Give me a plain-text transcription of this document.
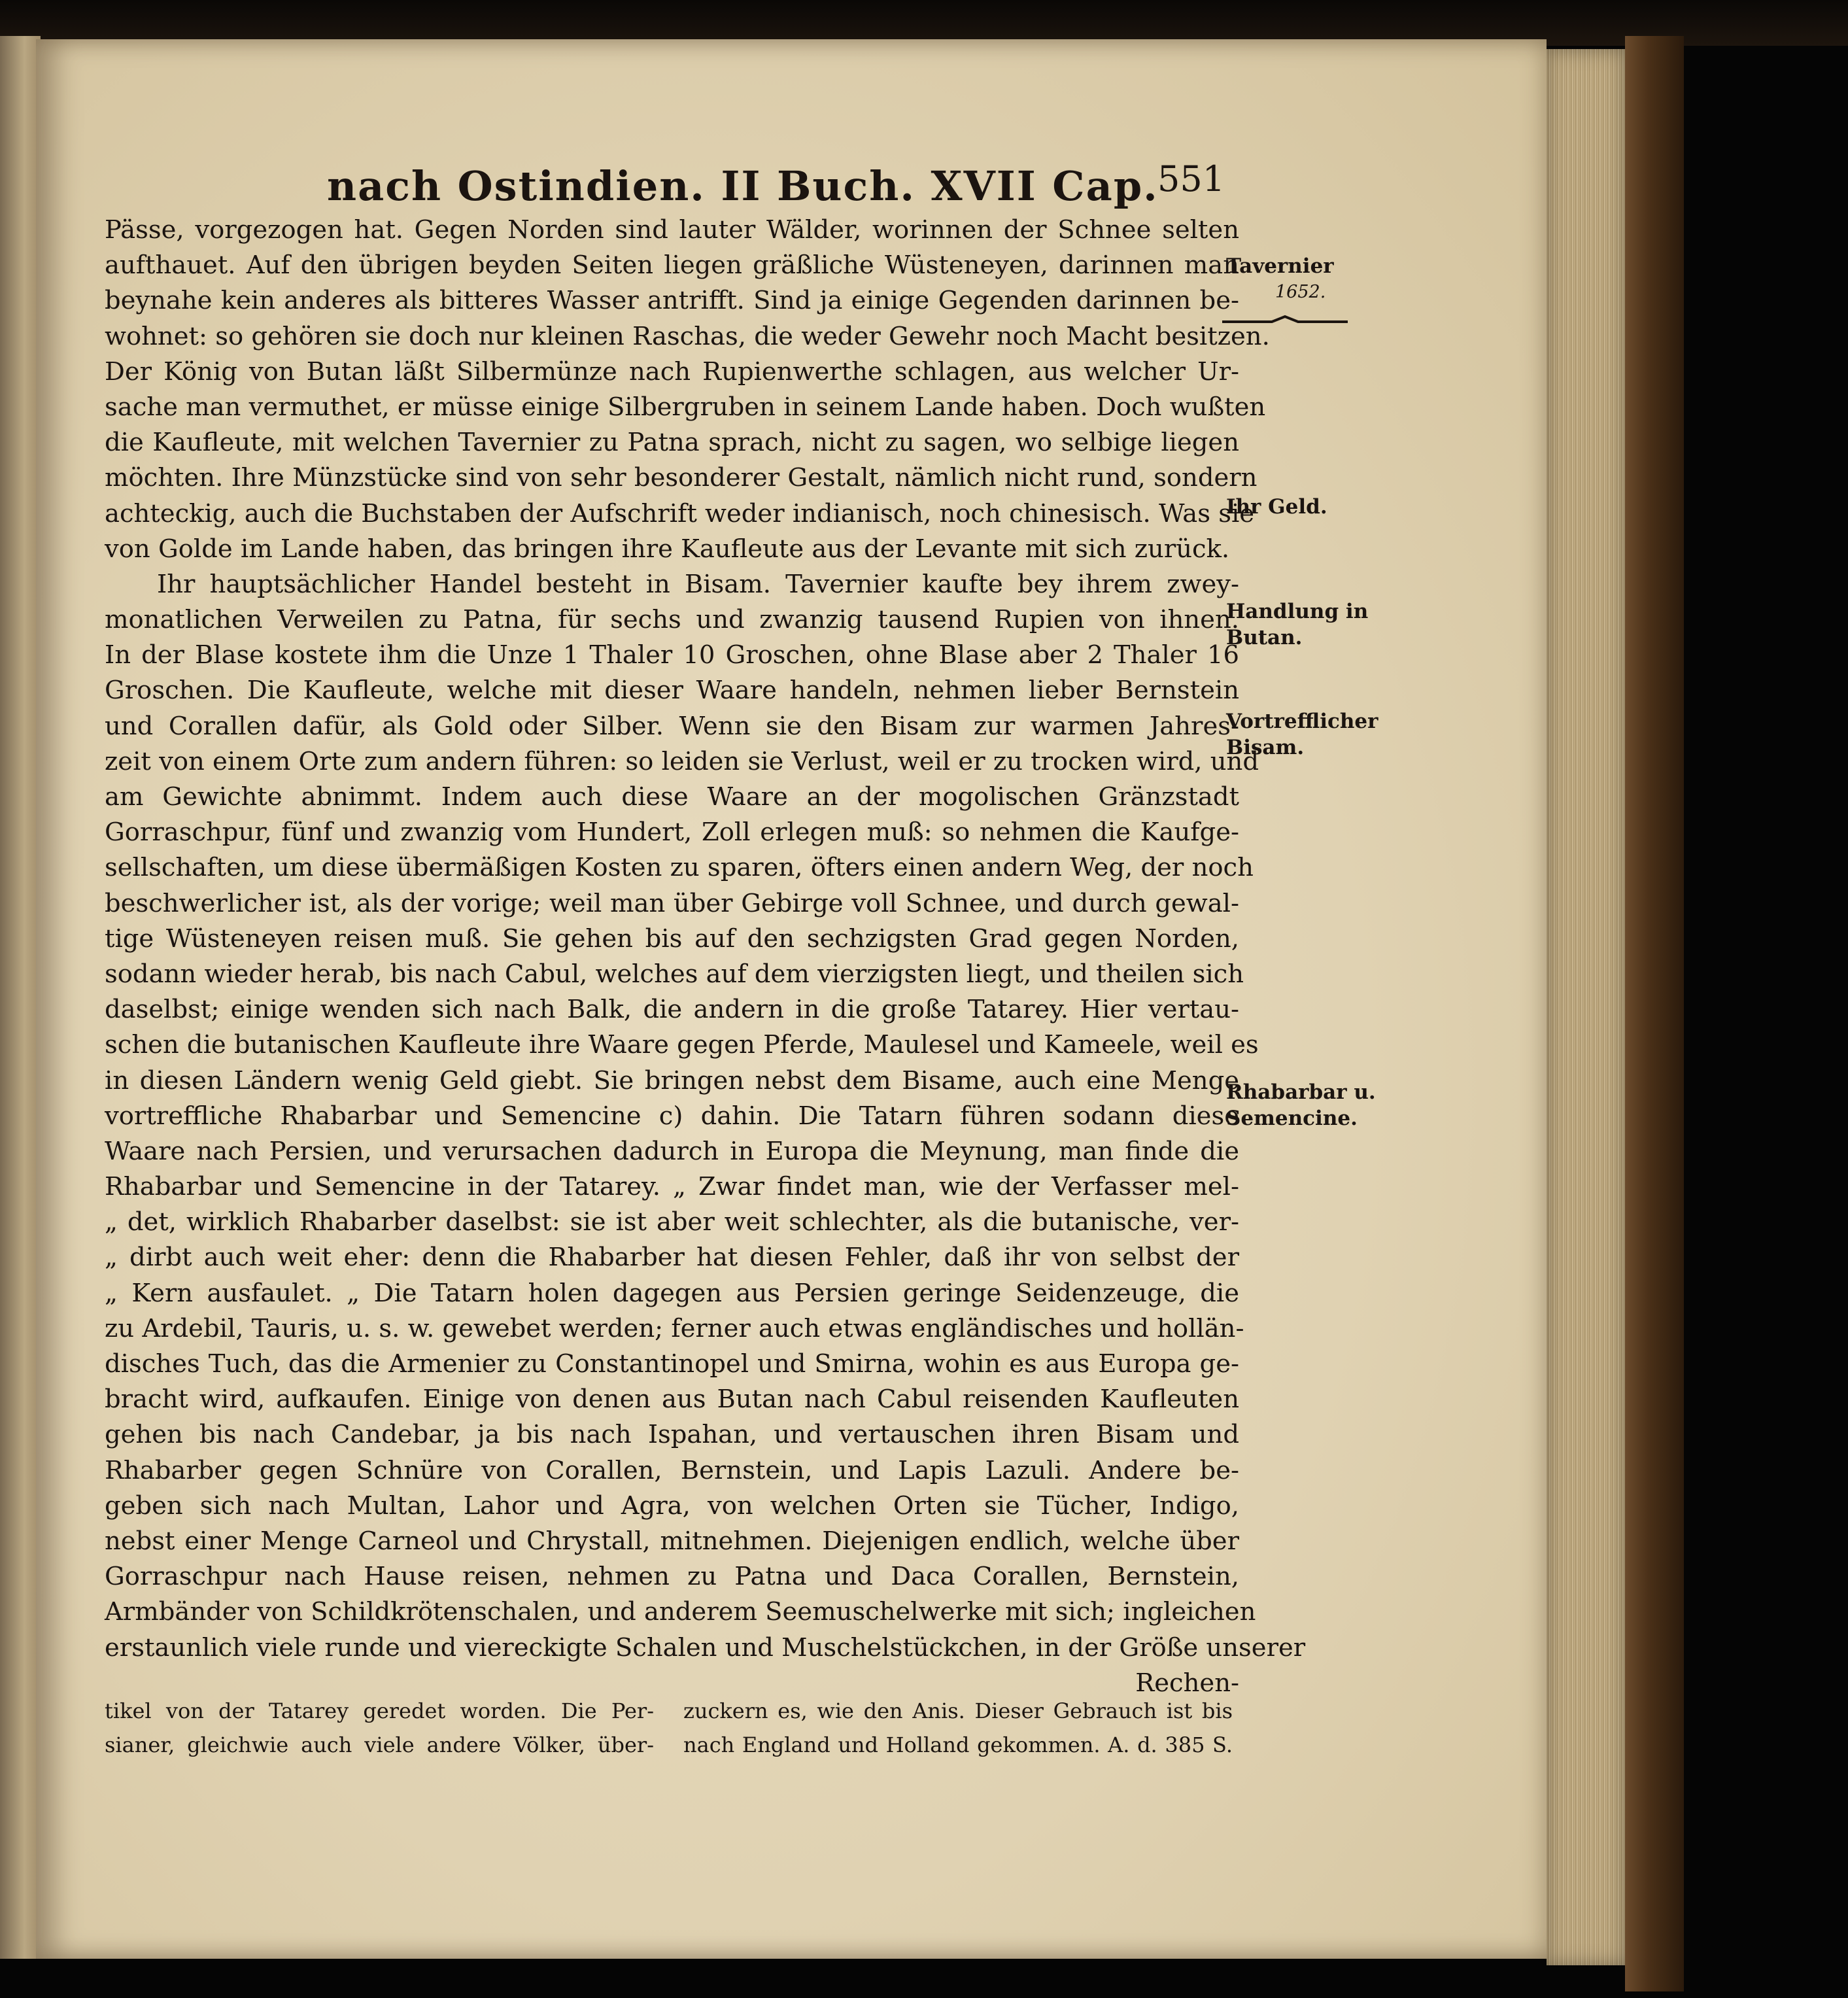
nach Ostindien. II Buch. XVII Cap.
551
Pässe, vorgezogen hat. Gegen Norden sind lauter Wälder, worinnen der Schnee selten
aufthauet. Auf den übrigen beyden Seiten liegen gräßliche Wüsteneyen, darinnen man
beynahe kein anderes als bitteres Wasser antrifft. Sind ja einige Gegenden darinnen be-
wohnet: so gehören sie doch nur kleinen Raschas, die weder Gewehr noch Macht besitzen.
Der König von Butan läßt Silbermünze nach Rupienwerthe schlagen, aus welcher Ur-
sache man vermuthet, er müsse einige Silbergruben in seinem Lande haben. Doch wußten
die Kaufleute, mit welchen Tavernier zu Patna sprach, nicht zu sagen, wo selbige liegen
möchten. Ihre Münzstücke sind von sehr besonderer Gestalt, nämlich nicht rund, sondern
achteckig, auch die Buchstaben der Aufschrift weder indianisch, noch chinesisch. Was sie
von Golde im Lande haben, das bringen ihre Kaufleute aus der Levante mit sich zurück.
Ihr hauptsächlicher Handel besteht in Bisam. Tavernier kaufte bey ihrem zwey-
monatlichen Verweilen zu Patna, für sechs und zwanzig tausend Rupien von ihnen.
In der Blase kostete ihm die Unze 1 Thaler 10 Groschen, ohne Blase aber 2 Thaler 16
Groschen. Die Kaufleute, welche mit dieser Waare handeln, nehmen lieber Bernstein
und Corallen dafür, als Gold oder Silber. Wenn sie den Bisam zur warmen Jahres-
zeit von einem Orte zum andern führen: so leiden sie Verlust, weil er zu trocken wird, und
am Gewichte abnimmt. Indem auch diese Waare an der mogolischen Gränzstadt
Gorraschpur, fünf und zwanzig vom Hundert, Zoll erlegen muß: so nehmen die Kaufge-
sellschaften, um diese übermäßigen Kosten zu sparen, öfters einen andern Weg, der noch
beschwerlicher ist, als der vorige; weil man über Gebirge voll Schnee, und durch gewal-
tige Wüsteneyen reisen muß. Sie gehen bis auf den sechzigsten Grad gegen Norden,
sodann wieder herab, bis nach Cabul, welches auf dem vierzigsten liegt, und theilen sich
daselbst; einige wenden sich nach Balk, die andern in die große Tatarey. Hier vertau-
schen die butanischen Kaufleute ihre Waare gegen Pferde, Maulesel und Kameele, weil es
in diesen Ländern wenig Geld giebt. Sie bringen nebst dem Bisame, auch eine Menge
vortreffliche Rhabarbar und Semencine c) dahin. Die Tatarn führen sodann diese
Waare nach Persien, und verursachen dadurch in Europa die Meynung, man finde die
Rhabarbar und Semencine in der Tatarey. „ Zwar findet man, wie der Verfasser mel-
„ det, wirklich Rhabarber daselbst: sie ist aber weit schlechter, als die butanische, ver-
„ dirbt auch weit eher: denn die Rhabarber hat diesen Fehler, daß ihr von selbst der
„ Kern ausfaulet. „ Die Tatarn holen dagegen aus Persien geringe Seidenzeuge, die
zu Ardebil, Tauris, u. s. w. gewebet werden; ferner auch etwas engländisches und hollän-
disches Tuch, das die Armenier zu Constantinopel und Smirna, wohin es aus Europa ge-
bracht wird, aufkaufen. Einige von denen aus Butan nach Cabul reisenden Kaufleuten
gehen bis nach Candebar, ja bis nach Ispahan, und vertauschen ihren Bisam und
Rhabarber gegen Schnüre von Corallen, Bernstein, und Lapis Lazuli. Andere be-
geben sich nach Multan, Lahor und Agra, von welchen Orten sie Tücher, Indigo,
nebst einer Menge Carneol und Chrystall, mitnehmen. Diejenigen endlich, welche über
Gorraschpur nach Hause reisen, nehmen zu Patna und Daca Corallen, Bernstein,
Armbänder von Schildkrötenschalen, und anderem Seemuschelwerke mit sich; ingleichen
erstaunlich viele runde und viereckigte Schalen und Muschelstückchen, in der Größe unserer
Rechen-
Tavernier
1652.
Ihr Geld.
Handlung in
Butan.
Vortrefflicher
Bisam.
Rhabarbar u.
Semencine.
tikel von der Tatarey geredet worden. Die Per-
sianer, gleichwie auch viele andere Völker, über-
zuckern es, wie den Anis. Dieser Gebrauch ist bis
nach England und Holland gekommen. A. d. 385 S.
